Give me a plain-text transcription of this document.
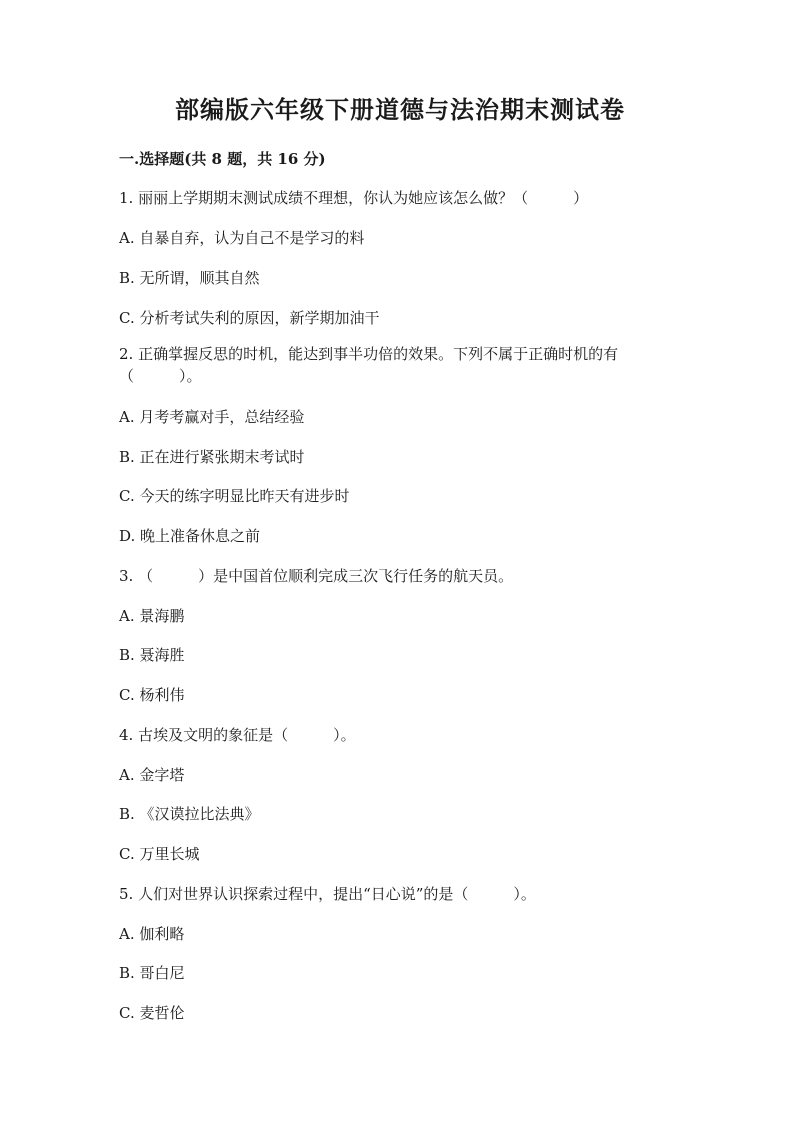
部编版六年级下册道德与法治期末测试卷
一.选择题(共 8 题，共 16 分)
1. 丽丽上学期期末测试成绩不理想，你认为她应该怎么做？（　　　）
A. 自暴自弃，认为自己不是学习的料
B. 无所谓，顺其自然
C. 分析考试失利的原因，新学期加油干
2. 正确掌握反思的时机，能达到事半功倍的效果。下列不属于正确时机的有（　　　）。
A. 月考考赢对手，总结经验
B. 正在进行紧张期末考试时
C. 今天的练字明显比昨天有进步时
D. 晚上准备休息之前
3. （　　　）是中国首位顺利完成三次飞行任务的航天员。
A. 景海鹏
B. 聂海胜
C. 杨利伟
4. 古埃及文明的象征是（　　　）。
A. 金字塔
B. 《汉谟拉比法典》
C. 万里长城
5. 人们对世界认识探索过程中，提出“日心说”的是（　　　）。
A. 伽利略
B. 哥白尼
C. 麦哲伦
